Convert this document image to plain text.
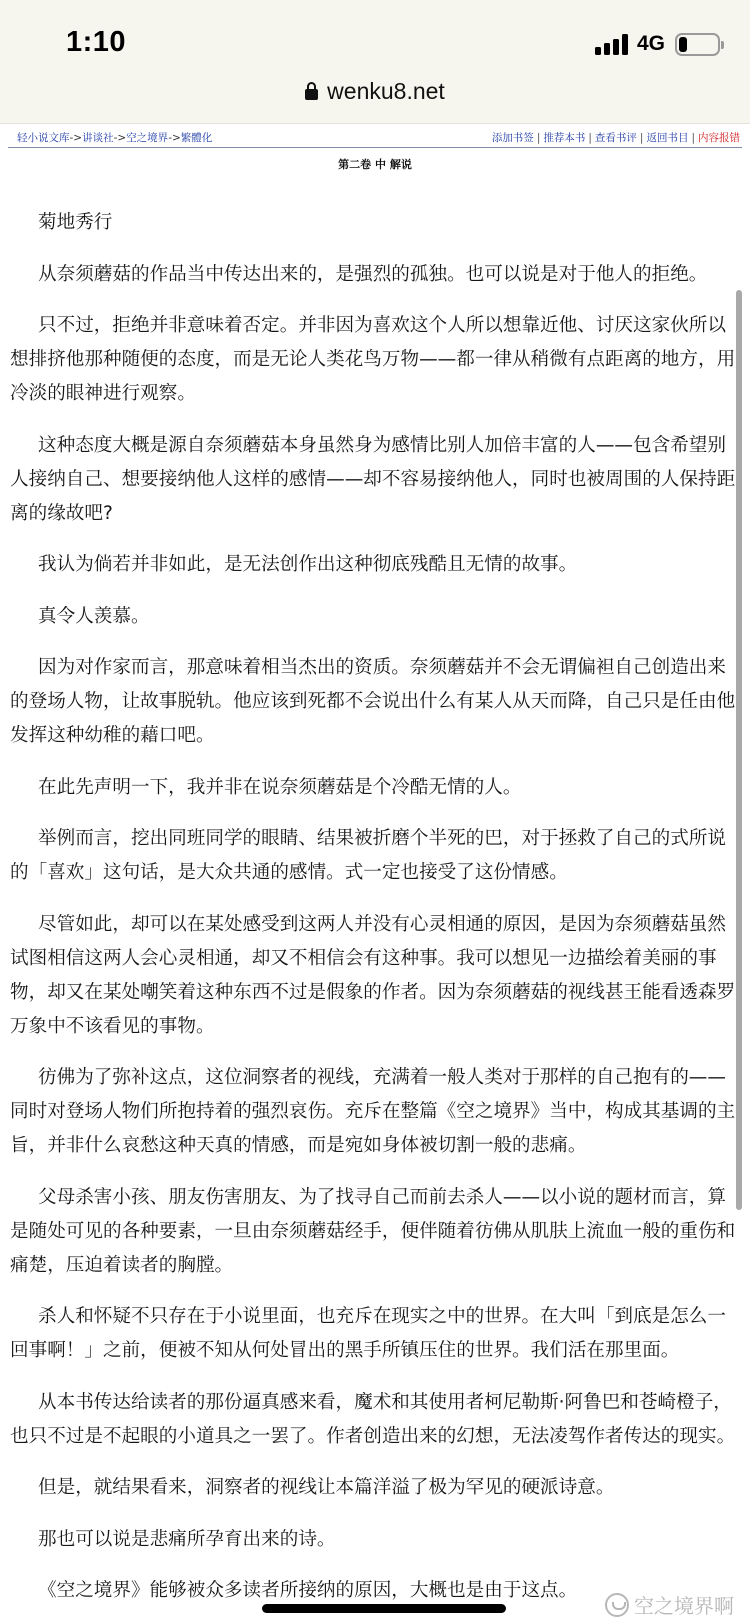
1:10	4G
wenku8.net
轻小说文库->讲谈社->空之境界->繁體化	添加书签 | 推荐本书 | 查看书评 | 返回书目 | 内容报错
第二卷 中 解说

菊地秀行

从奈须蘑菇的作品当中传达出来的，是强烈的孤独。也可以说是对于他人的拒绝。

只不过，拒绝并非意味着否定。并非因为喜欢这个人所以想靠近他、讨厌这家伙所以想排挤他那种随便的态度，而是无论人类花鸟万物——都一律从稍微有点距离的地方，用冷淡的眼神进行观察。

这种态度大概是源自奈须蘑菇本身虽然身为感情比别人加倍丰富的人——包含希望别人接纳自己、想要接纳他人这样的感情——却不容易接纳他人，同时也被周围的人保持距离的缘故吧?

我认为倘若并非如此，是无法创作出这种彻底残酷且无情的故事。

真令人羡慕。

因为对作家而言，那意味着相当杰出的资质。奈须蘑菇并不会无谓偏袒自己创造出来的登场人物，让故事脱轨。他应该到死都不会说出什么有某人从天而降，自己只是任由他发挥这种幼稚的藉口吧。

在此先声明一下，我并非在说奈须蘑菇是个冷酷无情的人。

举例而言，挖出同班同学的眼睛、结果被折磨个半死的巴，对于拯救了自己的式所说的「喜欢」这句话，是大众共通的感情。式一定也接受了这份情感。

尽管如此，却可以在某处感受到这两人并没有心灵相通的原因，是因为奈须蘑菇虽然试图相信这两人会心灵相通，却又不相信会有这种事。我可以想见一边描绘着美丽的事物，却又在某处嘲笑着这种东西不过是假象的作者。因为奈须蘑菇的视线甚王能看透森罗万象中不该看见的事物。

彷佛为了弥补这点，这位洞察者的视线，充满着一般人类对于那样的自己抱有的——同时对登场人物们所抱持着的强烈哀伤。充斥在整篇《空之境界》当中，构成其基调的主旨，并非什么哀愁这种天真的情感，而是宛如身体被切割一般的悲痛。

父母杀害小孩、朋友伤害朋友、为了找寻自己而前去杀人——以小说的题材而言，算是随处可见的各种要素，一旦由奈须蘑菇经手，便伴随着彷佛从肌肤上流血一般的重伤和痛楚，压迫着读者的胸膛。

杀人和怀疑不只存在于小说里面，也充斥在现实之中的世界。在大叫「到底是怎么一回事啊！」之前，便被不知从何处冒出的黑手所镇压住的世界。我们活在那里面。

从本书传达给读者的那份逼真感来看，魔术和其使用者柯尼勒斯·阿鲁巴和苍崎橙子，也只不过是不起眼的小道具之一罢了。作者创造出来的幻想，无法凌驾作者传达的现实。

但是，就结果看来，洞察者的视线让本篇洋溢了极为罕见的硬派诗意。

那也可以说是悲痛所孕育出来的诗。

《空之境界》能够被众多读者所接纳的原因，大概也是由于这点。

空之境界啊
